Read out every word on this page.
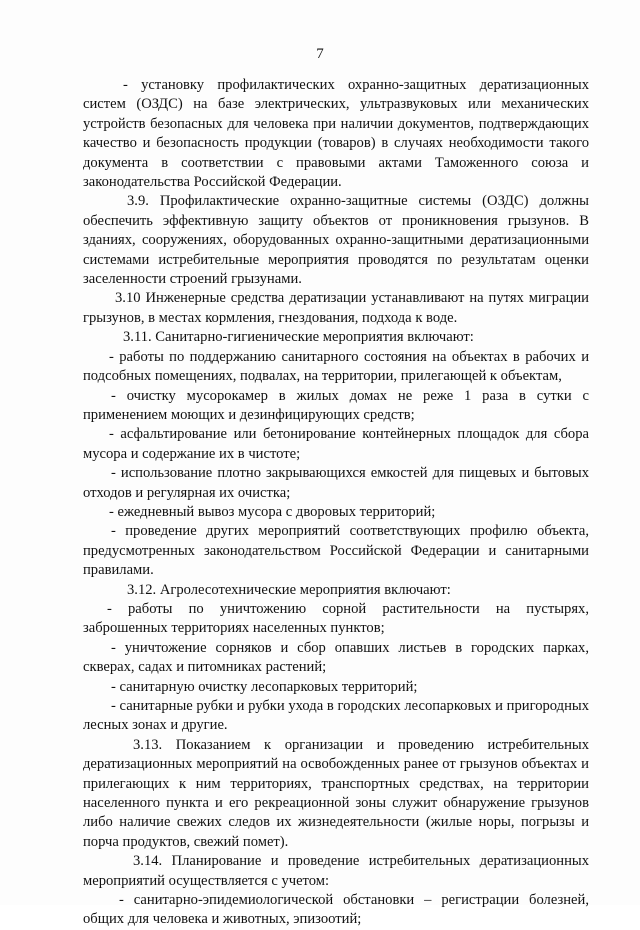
7

- установку профилактических охранно-защитных дератизационных систем (ОЗДС) на базе электрических, ультразвуковых или механических устройств безопасных для человека при наличии документов, подтверждающих качество и безопасность продукции (товаров) в случаях необходимости такого документа в соответствии с правовыми актами Таможенного союза и законодательства Российской Федерации.

3.9. Профилактические охранно-защитные системы (ОЗДС) должны обеспечить эффективную защиту объектов от проникновения грызунов. В зданиях, сооружениях, оборудованных охранно-защитными дератизационными системами истребительные мероприятия проводятся по результатам оценки заселенности строений грызунами.

3.10 Инженерные средства дератизации устанавливают на путях миграции грызунов, в местах кормления, гнездования, подхода к воде.

3.11. Санитарно-гигиенические мероприятия включают:

- работы по поддержанию санитарного состояния на объектах в рабочих и подсобных помещениях, подвалах, на территории, прилегающей к объектам,

- очистку мусорокамер в жилых домах не реже 1 раза в сутки с применением моющих и дезинфицирующих средств;

- асфальтирование или бетонирование контейнерных площадок для сбора мусора и содержание их в чистоте;

- использование плотно закрывающихся емкостей для пищевых и бытовых отходов и регулярная их очистка;

- ежедневный вывоз мусора с дворовых территорий;

- проведение других мероприятий соответствующих профилю объекта, предусмотренных законодательством Российской Федерации и санитарными правилами.

3.12. Агролесотехнические мероприятия включают:

- работы по уничтожению сорной растительности на пустырях, заброшенных территориях населенных пунктов;

- уничтожение сорняков и сбор опавших листьев в городских парках, скверах, садах и питомниках растений;

- санитарную очистку лесопарковых территорий;

- санитарные рубки и рубки ухода в городских лесопарковых и пригородных лесных зонах и другие.

3.13. Показанием к организации и проведению истребительных дератизационных мероприятий на освобожденных ранее от грызунов объектах и прилегающих к ним территориях, транспортных средствах, на территории населенного пункта и его рекреационной зоны служит обнаружение грызунов либо наличие свежих следов их жизнедеятельности (жилые норы, погрызы и порча продуктов, свежий помет).

3.14. Планирование и проведение истребительных дератизационных мероприятий осуществляется с учетом:

- санитарно-эпидемиологической обстановки – регистрации болезней, общих для человека и животных, эпизоотий;
